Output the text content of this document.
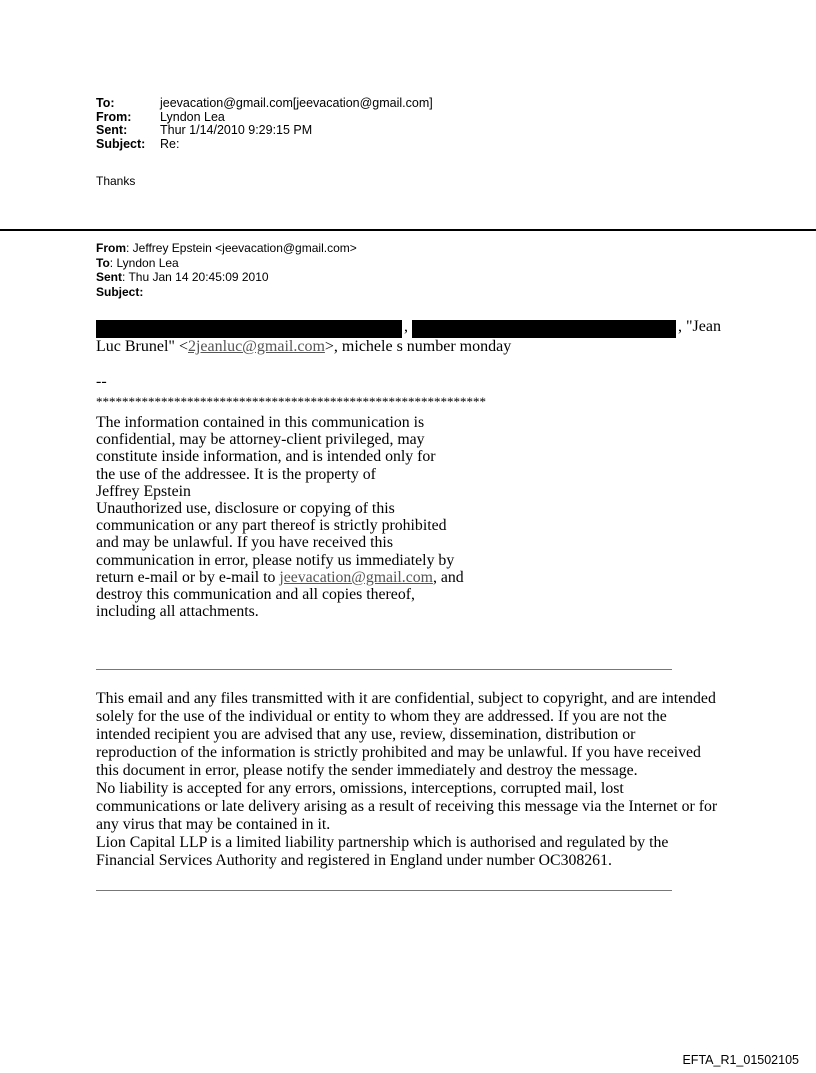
To:	jeevacation@gmail.com[jeevacation@gmail.com]
From:	Lyndon Lea
Sent:	Thur 1/14/2010 9:29:15 PM
Subject:	Re:
Thanks
From: Jeffrey Epstein <jeevacation@gmail.com>
To: Lyndon Lea
Sent: Thu Jan 14 20:45:09 2010
Subject:
,	, "Jean
Luc Brunel" <2jeanluc@gmail.com>, michele s number monday
--
************************************************************
The information contained in this communication is
confidential, may be attorney-client privileged, may
constitute inside information, and is intended only for
the use of the addressee. It is the property of
Jeffrey Epstein
Unauthorized use, disclosure or copying of this
communication or any part thereof is strictly prohibited
and may be unlawful. If you have received this
communication in error, please notify us immediately by
return e-mail or by e-mail to jeevacation@gmail.com, and
destroy this communication and all copies thereof,
including all attachments.
This email and any files transmitted with it are confidential, subject to copyright, and are intended
solely for the use of the individual or entity to whom they are addressed. If you are not the
intended recipient you are advised that any use, review, dissemination, distribution or
reproduction of the information is strictly prohibited and may be unlawful. If you have received
this document in error, please notify the sender immediately and destroy the message.
No liability is accepted for any errors, omissions, interceptions, corrupted mail, lost
communications or late delivery arising as a result of receiving this message via the Internet or for
any virus that may be contained in it.
Lion Capital LLP is a limited liability partnership which is authorised and regulated by the
Financial Services Authority and registered in England under number OC308261.
EFTA_R1_01502105
